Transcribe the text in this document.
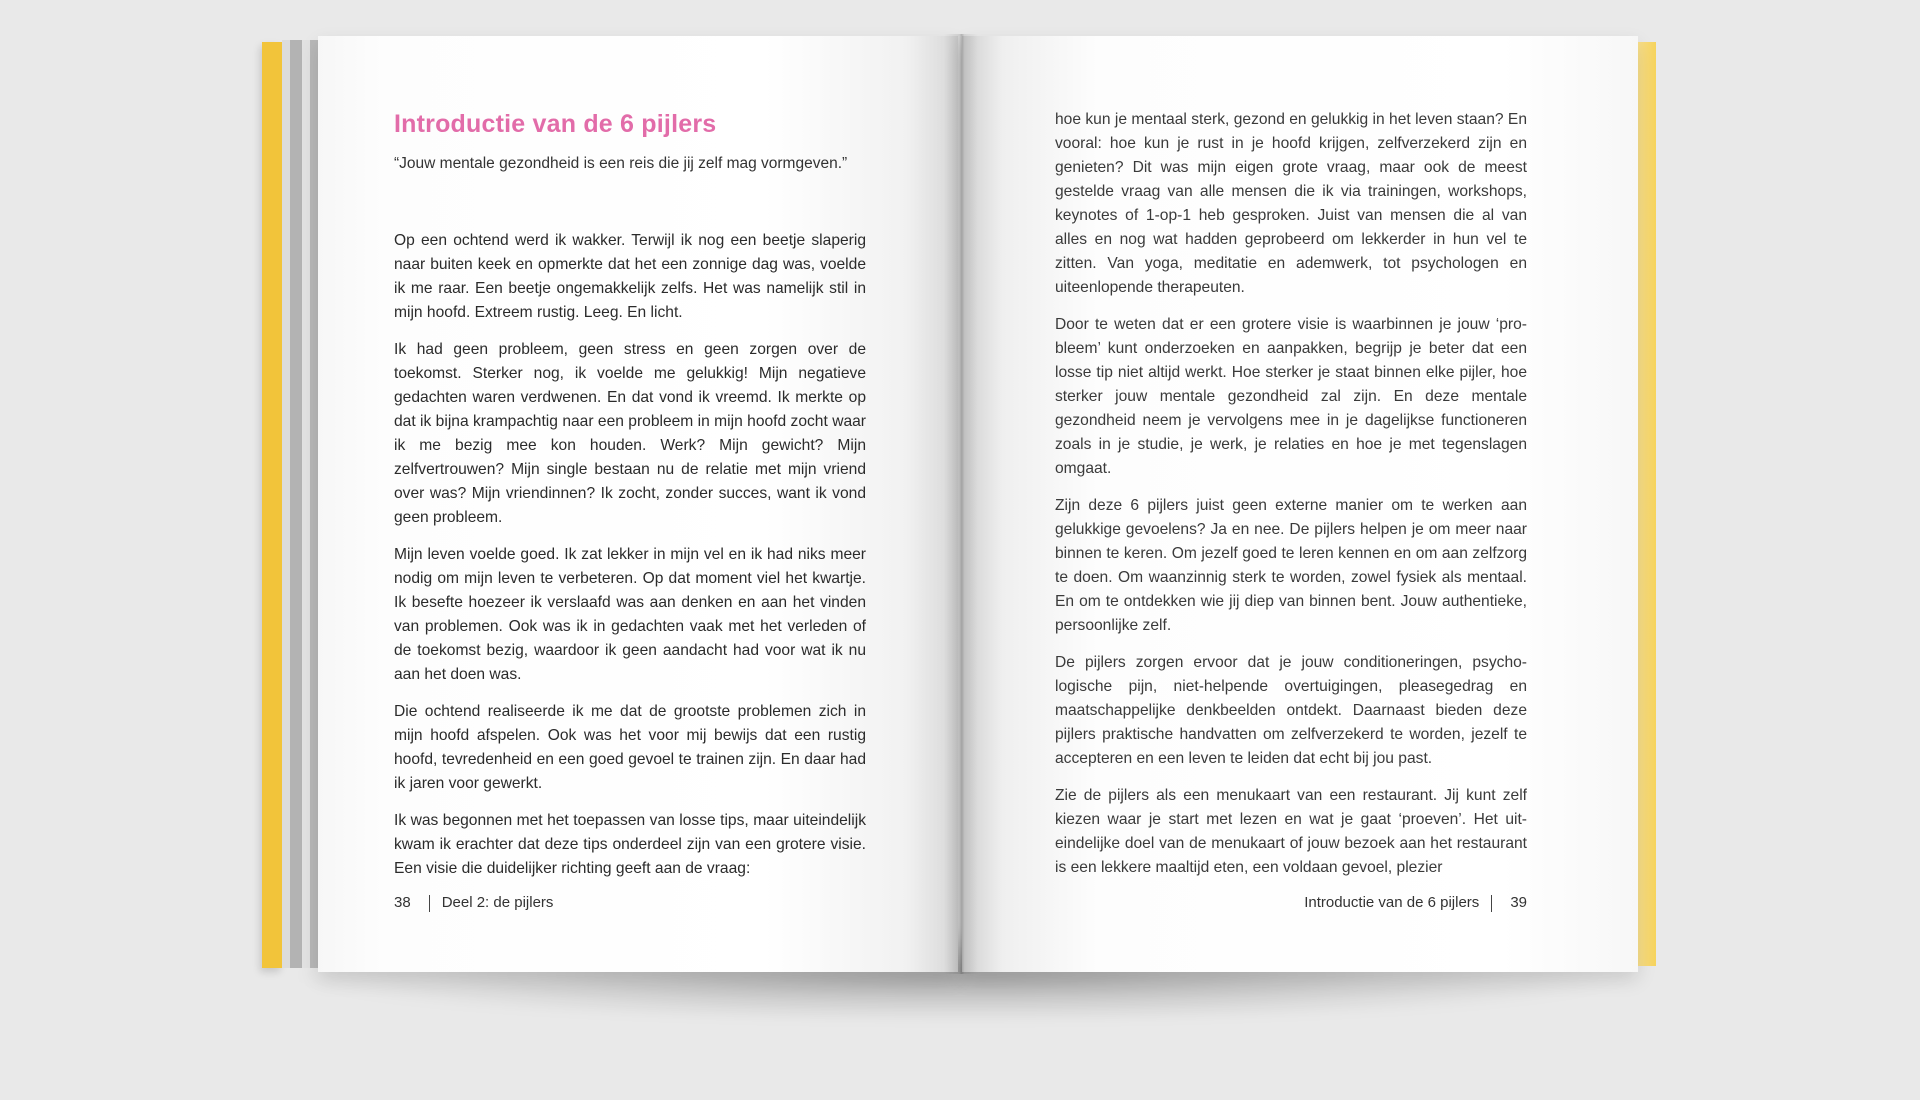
Introductie van de 6 pijlers

“Jouw mentale gezondheid is een reis die jij zelf mag vormgeven.”

Op een ochtend werd ik wakker. Terwijl ik nog een beetje slaperig naar buiten keek en opmerkte dat het een zonnige dag was, voelde ik me raar. Een beetje ongemakkelijk zelfs. Het was namelijk stil in mijn hoofd. Extreem rustig. Leeg. En licht.

Ik had geen probleem, geen stress en geen zorgen over de toekomst. Sterker nog, ik voelde me gelukkig! Mijn negatieve gedachten waren verdwenen. En dat vond ik vreemd. Ik merkte op dat ik bijna krampachtig naar een probleem in mijn hoofd zocht waar ik me bezig mee kon houden. Werk? Mijn gewicht? Mijn zelfvertrouwen? Mijn single bestaan nu de relatie met mijn vriend over was? Mijn vriendinnen? Ik zocht, zonder succes, want ik vond geen probleem.

Mijn leven voelde goed. Ik zat lekker in mijn vel en ik had niks meer nodig om mijn leven te verbeteren. Op dat moment viel het kwartje. Ik besefte hoezeer ik verslaafd was aan denken en aan het vinden van problemen. Ook was ik in gedachten vaak met het verleden of de toekomst bezig, waardoor ik geen aandacht had voor wat ik nu aan het doen was.

Die ochtend realiseerde ik me dat de grootste problemen zich in mijn hoofd afspelen. Ook was het voor mij bewijs dat een rustig hoofd, tevredenheid en een goed gevoel te trainen zijn. En daar had ik jaren voor gewerkt.

Ik was begonnen met het toepassen van losse tips, maar uiteindelijk kwam ik erachter dat deze tips onderdeel zijn van een grotere visie. Een visie die duidelijker richting geeft aan de vraag:

38 Deel 2: de pijlers

hoe kun je mentaal sterk, gezond en gelukkig in het leven staan? En vooral: hoe kun je rust in je hoofd krijgen, zelfverzekerd zijn en genieten? Dit was mijn eigen grote vraag, maar ook de meest gestelde vraag van alle mensen die ik via trainingen, workshops, keynotes of 1-op-1 heb gesproken. Juist van mensen die al van alles en nog wat hadden geprobeerd om lekkerder in hun vel te zitten. Van yoga, meditatie en ademwerk, tot psychologen en uiteenlopende therapeuten.

Door te weten dat er een grotere visie is waarbinnen je jouw ‘probleem’ kunt onderzoeken en aanpakken, begrijp je beter dat een losse tip niet altijd werkt. Hoe sterker je staat binnen elke pijler, hoe sterker jouw mentale gezondheid zal zijn. En deze mentale gezondheid neem je vervolgens mee in je dagelijkse functioneren zoals in je studie, je werk, je relaties en hoe je met tegenslagen omgaat.

Zijn deze 6 pijlers juist geen externe manier om te werken aan gelukkige gevoelens? Ja en nee. De pijlers helpen je om meer naar binnen te keren. Om jezelf goed te leren kennen en om aan zelfzorg te doen. Om waanzinnig sterk te worden, zowel fysiek als mentaal. En om te ontdekken wie jij diep van binnen bent. Jouw authentieke, persoonlijke zelf.

De pijlers zorgen ervoor dat je jouw conditioneringen, psychologische pijn, niet-helpende overtuigingen, pleasegedrag en maatschappelijke denkbeelden ontdekt. Daarnaast bieden deze pijlers praktische handvatten om zelfverzekerd te worden, jezelf te accepteren en een leven te leiden dat echt bij jou past.

Zie de pijlers als een menukaart van een restaurant. Jij kunt zelf kiezen waar je start met lezen en wat je gaat ‘proeven’. Het uiteindelijke doel van de menukaart of jouw bezoek aan het restaurant is een lekkere maaltijd eten, een voldaan gevoel, plezier

Introductie van de 6 pijlers 39
